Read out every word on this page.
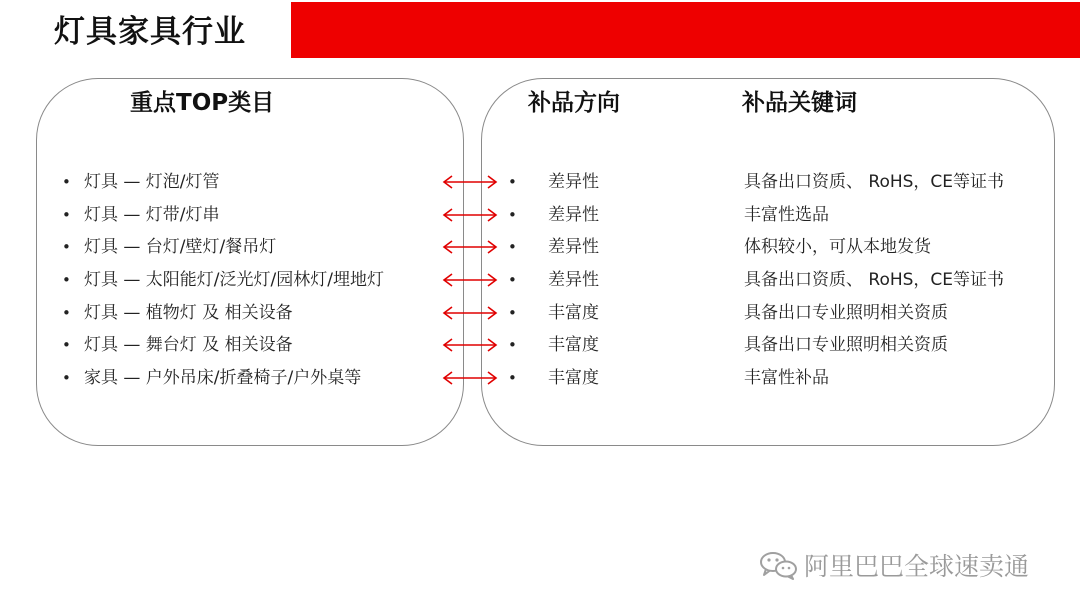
灯具家具行业
重点TOP类目	补品方向	补品关键词
• 灯具 — 灯泡/灯管	• 差异性	具备出口资质、 RoHS，CE等证书
• 灯具 — 灯带/灯串	• 差异性	丰富性选品
• 灯具 — 台灯/壁灯/餐吊灯	• 差异性	体积较小，可从本地发货
• 灯具 — 太阳能灯/泛光灯/园林灯/埋地灯	• 差异性	具备出口资质、 RoHS，CE等证书
• 灯具 — 植物灯 及 相关设备	• 丰富度	具备出口专业照明相关资质
• 灯具 — 舞台灯 及 相关设备	• 丰富度	具备出口专业照明相关资质
• 家具 — 户外吊床/折叠椅子/户外桌等	• 丰富度	丰富性补品
阿里巴巴全球速卖通
